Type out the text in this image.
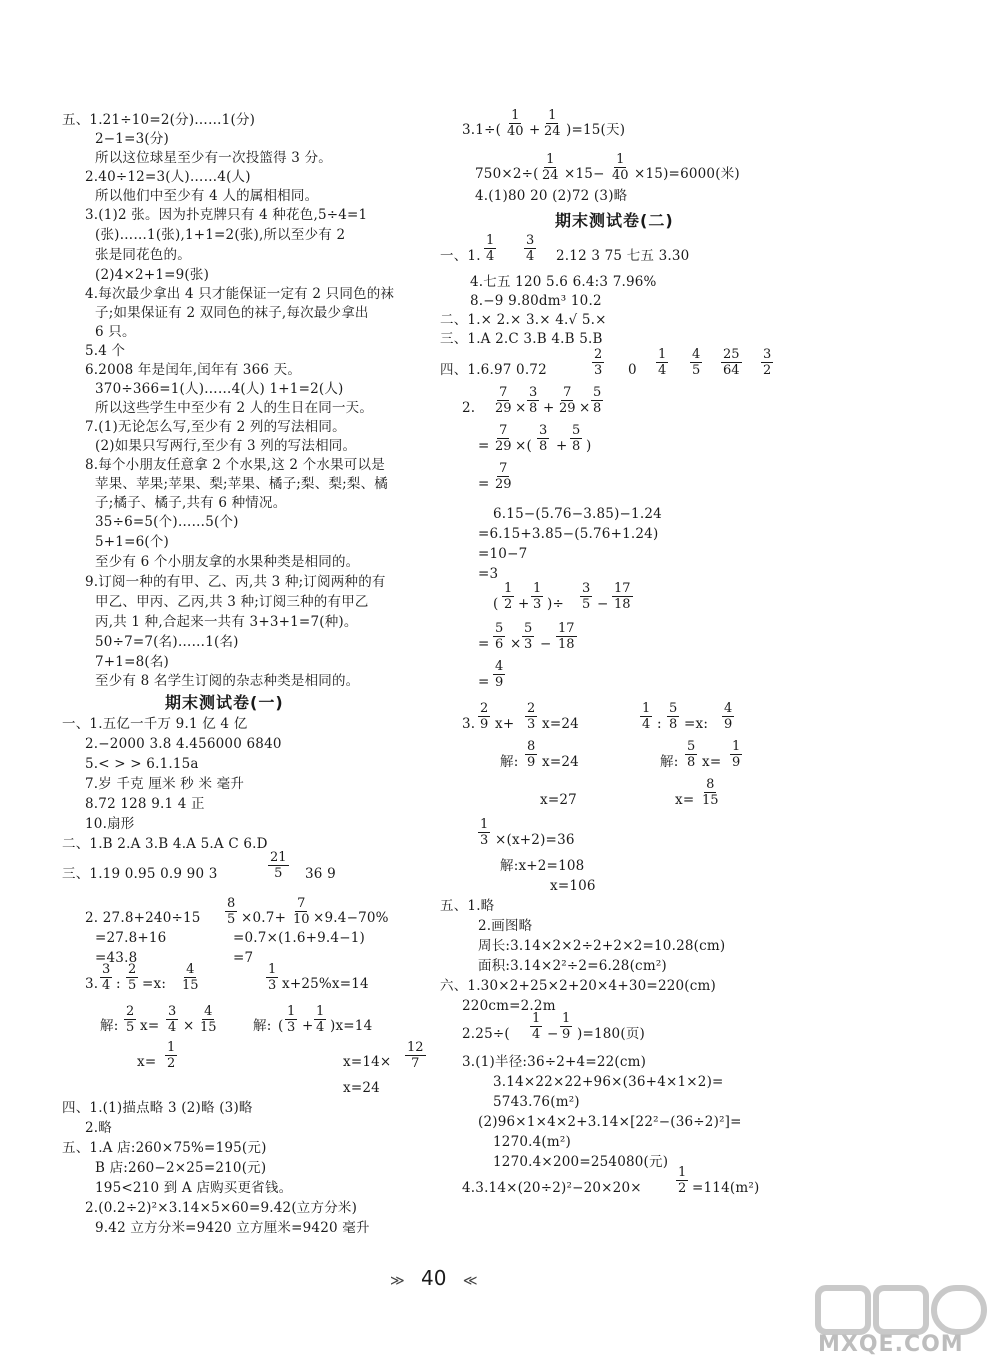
五、1.21÷10=2(分)……1(分)
2−1=3(分)
所以这位球星至少有一次投篮得 3 分。
2.40÷12=3(人)……4(人)
所以他们中至少有 4 人的属相相同。
3.(1)2 张。因为扑克牌只有 4 种花色,5÷4=1
(张)……1(张),1+1=2(张),所以至少有 2
张是同花色的。
(2)4×2+1=9(张)
4.每次最少拿出 4 只才能保证一定有 2 只同色的袜
子;如果保证有 2 双同色的袜子,每次最少拿出
6 只。
5.4 个
6.2008 年是闰年,闰年有 366 天。
370÷366=1(人)……4(人) 1+1=2(人)
所以这些学生中至少有 2 人的生日在同一天。
7.(1)无论怎么写,至少有 2 列的写法相同。
(2)如果只写两行,至少有 3 列的写法相同。
8.每个小朋友任意拿 2 个水果,这 2 个水果可以是
苹果、苹果;苹果、梨;苹果、橘子;梨、梨;梨、橘
子;橘子、橘子,共有 6 种情况。
35÷6=5(个)……5(个)
5+1=6(个)
至少有 6 个小朋友拿的水果种类是相同的。
9.订阅一种的有甲、乙、丙,共 3 种;订阅两种的有
甲乙、甲丙、乙丙,共 3 种;订阅三种的有甲乙
丙,共 1 种,合起来一共有 3+3+1=7(种)。
50÷7=7(名)……1(名)
7+1=8(名)
至少有 8 名学生订阅的杂志种类是相同的。
期末测试卷(一)
一、1.五亿一千万 9.1 亿 4 亿
2.−2000 3.8 4.456000 6840
5.< > > 6.1.15a
7.岁 千克 厘米 秒 米 毫升
8.72 128 9.1 4 正
10.扇形
二、1.B 2.A 3.B 4.A 5.A C 6.D
三、1.19 0.95 0.9 90 3	$\frac{21}{5} 36$ 9
2. $27.8+240\div 15 \frac{8}{5} \times 0.7+ \frac{7}{10} \times 9.4-70\%$
=27.8+16	=0.7×(1.6+9.4−1)
=43.8	=7
3. $\frac{3}{4}$ : $\frac{2}{5} =x$: $\frac{4}{15}$	$\frac{1}{3} x+25\%x=14$
解: $\frac{2}{5} x= \frac{3}{4} \times \frac{4}{15}$	解: ( $\frac{1}{3} + \frac{1}{4} )x=14$
$x= \frac{1}{2}$	$x=14\times \frac{12}{7}$
x=24
四、1.(1)描点略 3 (2)略 (3)略
2.略
五、1.A 店:260×75%=195(元)
B 店:260−2×25=210(元)
195<210 到 A 店购买更省钱。
2.(0.2÷2)²×3.14×5×60=9.42(立方分米)
9.42 立方分米=9420 立方厘米=9420 毫升
$3.1\div( \frac{1}{40} + \frac{1}{24} )=15$(天)
$750\times 2\div( \frac{1}{24} \times 15- \frac{1}{40} \times 15)=6000$(米)
4.(1)80 20 (2)72 (3)略
期末测试卷(二)
一、1. $\frac{1}{4} \frac{3}{4} 2.12$ 3 75 七五 3.30
4.七五 120 5.6 6.4:3 7.96%
8.−9 9.80dm³ 10.2
二、1.× 2.× 3.× 4.√ 5.×
三、1.A 2.C 3.B 4.B 5.B
四、1.6.97 0.72	$\frac{2}{3} 0 \frac{1}{4} \frac{4}{5} \frac{25}{64} \frac{3}{2}$
2. $\frac{7}{29} \times \frac{3}{8} + \frac{7}{29} \times \frac{5}{8}$
= $\frac{7}{29}$ ×( $\frac{3}{8} + \frac{5}{8}$ )
= $\frac{7}{29}$
6.15−(5.76−3.85)−1.24
=6.15+3.85−(5.76+1.24)
=10−7
=3
( $\frac{1}{2} + \frac{1}{3}$ )÷ $\frac{3}{5} - \frac{17}{18}$
= $\frac{5}{6} \times \frac{5}{3} - \frac{17}{18}$
= $\frac{4}{9}$
3. $\frac{2}{9} x+ \frac{2}{3} x=24$	$\frac{1}{4}$ : $\frac{5}{8} =x$: $\frac{4}{9}$
解: $\frac{8}{9} x=24$	解: $\frac{5}{8} x= \frac{1}{9}$
x=27	$x= \frac{8}{15}$
$\frac{1}{3} \times(x+2)=36$
解:x+2=108
x=106
五、1.略
2.画图略
周长:3.14×2×2÷2+2×2=10.28(cm)
面积:3.14×2²÷2=6.28(cm²)
六、1.30×2+25×2+20×4+30=220(cm)
220cm=2.2m
$2.25\div( \frac{1}{4} - \frac{1}{9} )=180$(页)
3.(1)半径:36÷2+4=22(cm)
3.14×22×22+96×(36+4×1×2)=
5743.76(m²)
(2)96×1×4×2+3.14×[22²−(36÷2)²]=
1270.4(m²)
1270.4×200=254080(元)
4.3.14×(20÷2)²−20×20×	$\frac{1}{2} =114(m^2)$
≫ 40 ≪
MXQE.COM
